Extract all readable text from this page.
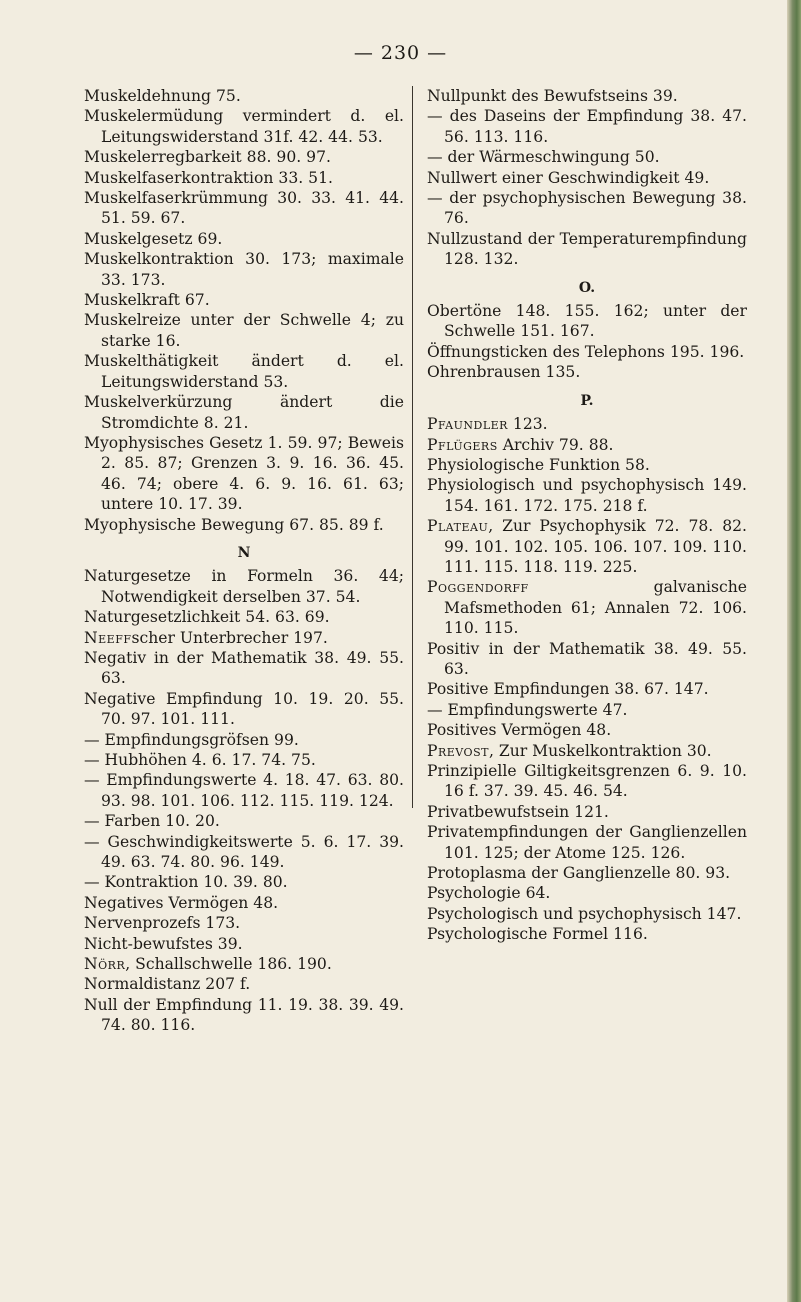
— 230 —

Muskeldehnung 75.

Muskelermüdung vermindert d. el. Leitungswiderstand 31f. 42. 44. 53.

Muskelerregbarkeit 88. 90. 97.

Muskelfaserkontraktion 33. 51.

Muskelfaserkrümmung 30. 33. 41. 44. 51. 59. 67.

Muskelgesetz 69.

Muskelkontraktion 30. 173; maximale 33. 173.

Muskelkraft 67.

Muskelreize unter der Schwelle 4; zu starke 16.

Muskelthätigkeit ändert d. el. Leitungswiderstand 53.

Muskelverkürzung ändert die Stromdichte 8. 21.

Myophysisches Gesetz 1. 59. 97; Beweis 2. 85. 87; Grenzen 3. 9. 16. 36. 45. 46. 74; obere 4. 6. 9. 16. 61. 63; untere 10. 17. 39.

Myophysische Bewegung 67. 85. 89 f.

N

Naturgesetze in Formeln 36. 44; Notwendigkeit derselben 37. 54.

Naturgesetzlichkeit 54. 63. 69.

Neeffscher Unterbrecher 197.

Negativ in der Mathematik 38. 49. 55. 63.

Negative Empfindung 10. 19. 20. 55. 70. 97. 101. 111.

— Empfindungsgröfsen 99.

— Hubhöhen 4. 6. 17. 74. 75.

— Empfindungswerte 4. 18. 47. 63. 80. 93. 98. 101. 106. 112. 115. 119. 124.

— Farben 10. 20.

— Geschwindigkeitswerte 5. 6. 17. 39. 49. 63. 74. 80. 96. 149.

— Kontraktion 10. 39. 80.

Negatives Vermögen 48.

Nervenprozefs 173.

Nicht-bewufstes 39.

Nörr, Schallschwelle 186. 190.

Normaldistanz 207 f.

Null der Empfindung 11. 19. 38. 39. 49. 74. 80. 116.

Nullpunkt des Bewufstseins 39.

— des Daseins der Empfindung 38. 47. 56. 113. 116.

— der Wärmeschwingung 50.

Nullwert einer Geschwindigkeit 49.

— der psychophysischen Bewegung 38. 76.

Nullzustand der Temperaturempfindung 128. 132.

O.

Obertöne 148. 155. 162; unter der Schwelle 151. 167.

Öffnungsticken des Telephons 195. 196.

Ohrenbrausen 135.

P.

Pfaundler 123.

Pflügers Archiv 79. 88.

Physiologische Funktion 58.

Physiologisch und psychophysisch 149. 154. 161. 172. 175. 218 f.

Plateau, Zur Psychophysik 72. 78. 82. 99. 101. 102. 105. 106. 107. 109. 110. 111. 115. 118. 119. 225.

Poggendorff galvanische Mafsmethoden 61; Annalen 72. 106. 110. 115.

Positiv in der Mathematik 38. 49. 55. 63.

Positive Empfindungen 38. 67. 147.

— Empfindungswerte 47.

Positives Vermögen 48.

Prevost, Zur Muskelkontraktion 30.

Prinzipielle Giltigkeitsgrenzen 6. 9. 10. 16 f. 37. 39. 45. 46. 54.

Privatbewufstsein 121.

Privatempfindungen der Ganglienzellen 101. 125; der Atome 125. 126.

Protoplasma der Ganglienzelle 80. 93.

Psychologie 64.

Psychologisch und psychophysisch 147.

Psychologische Formel 116.
